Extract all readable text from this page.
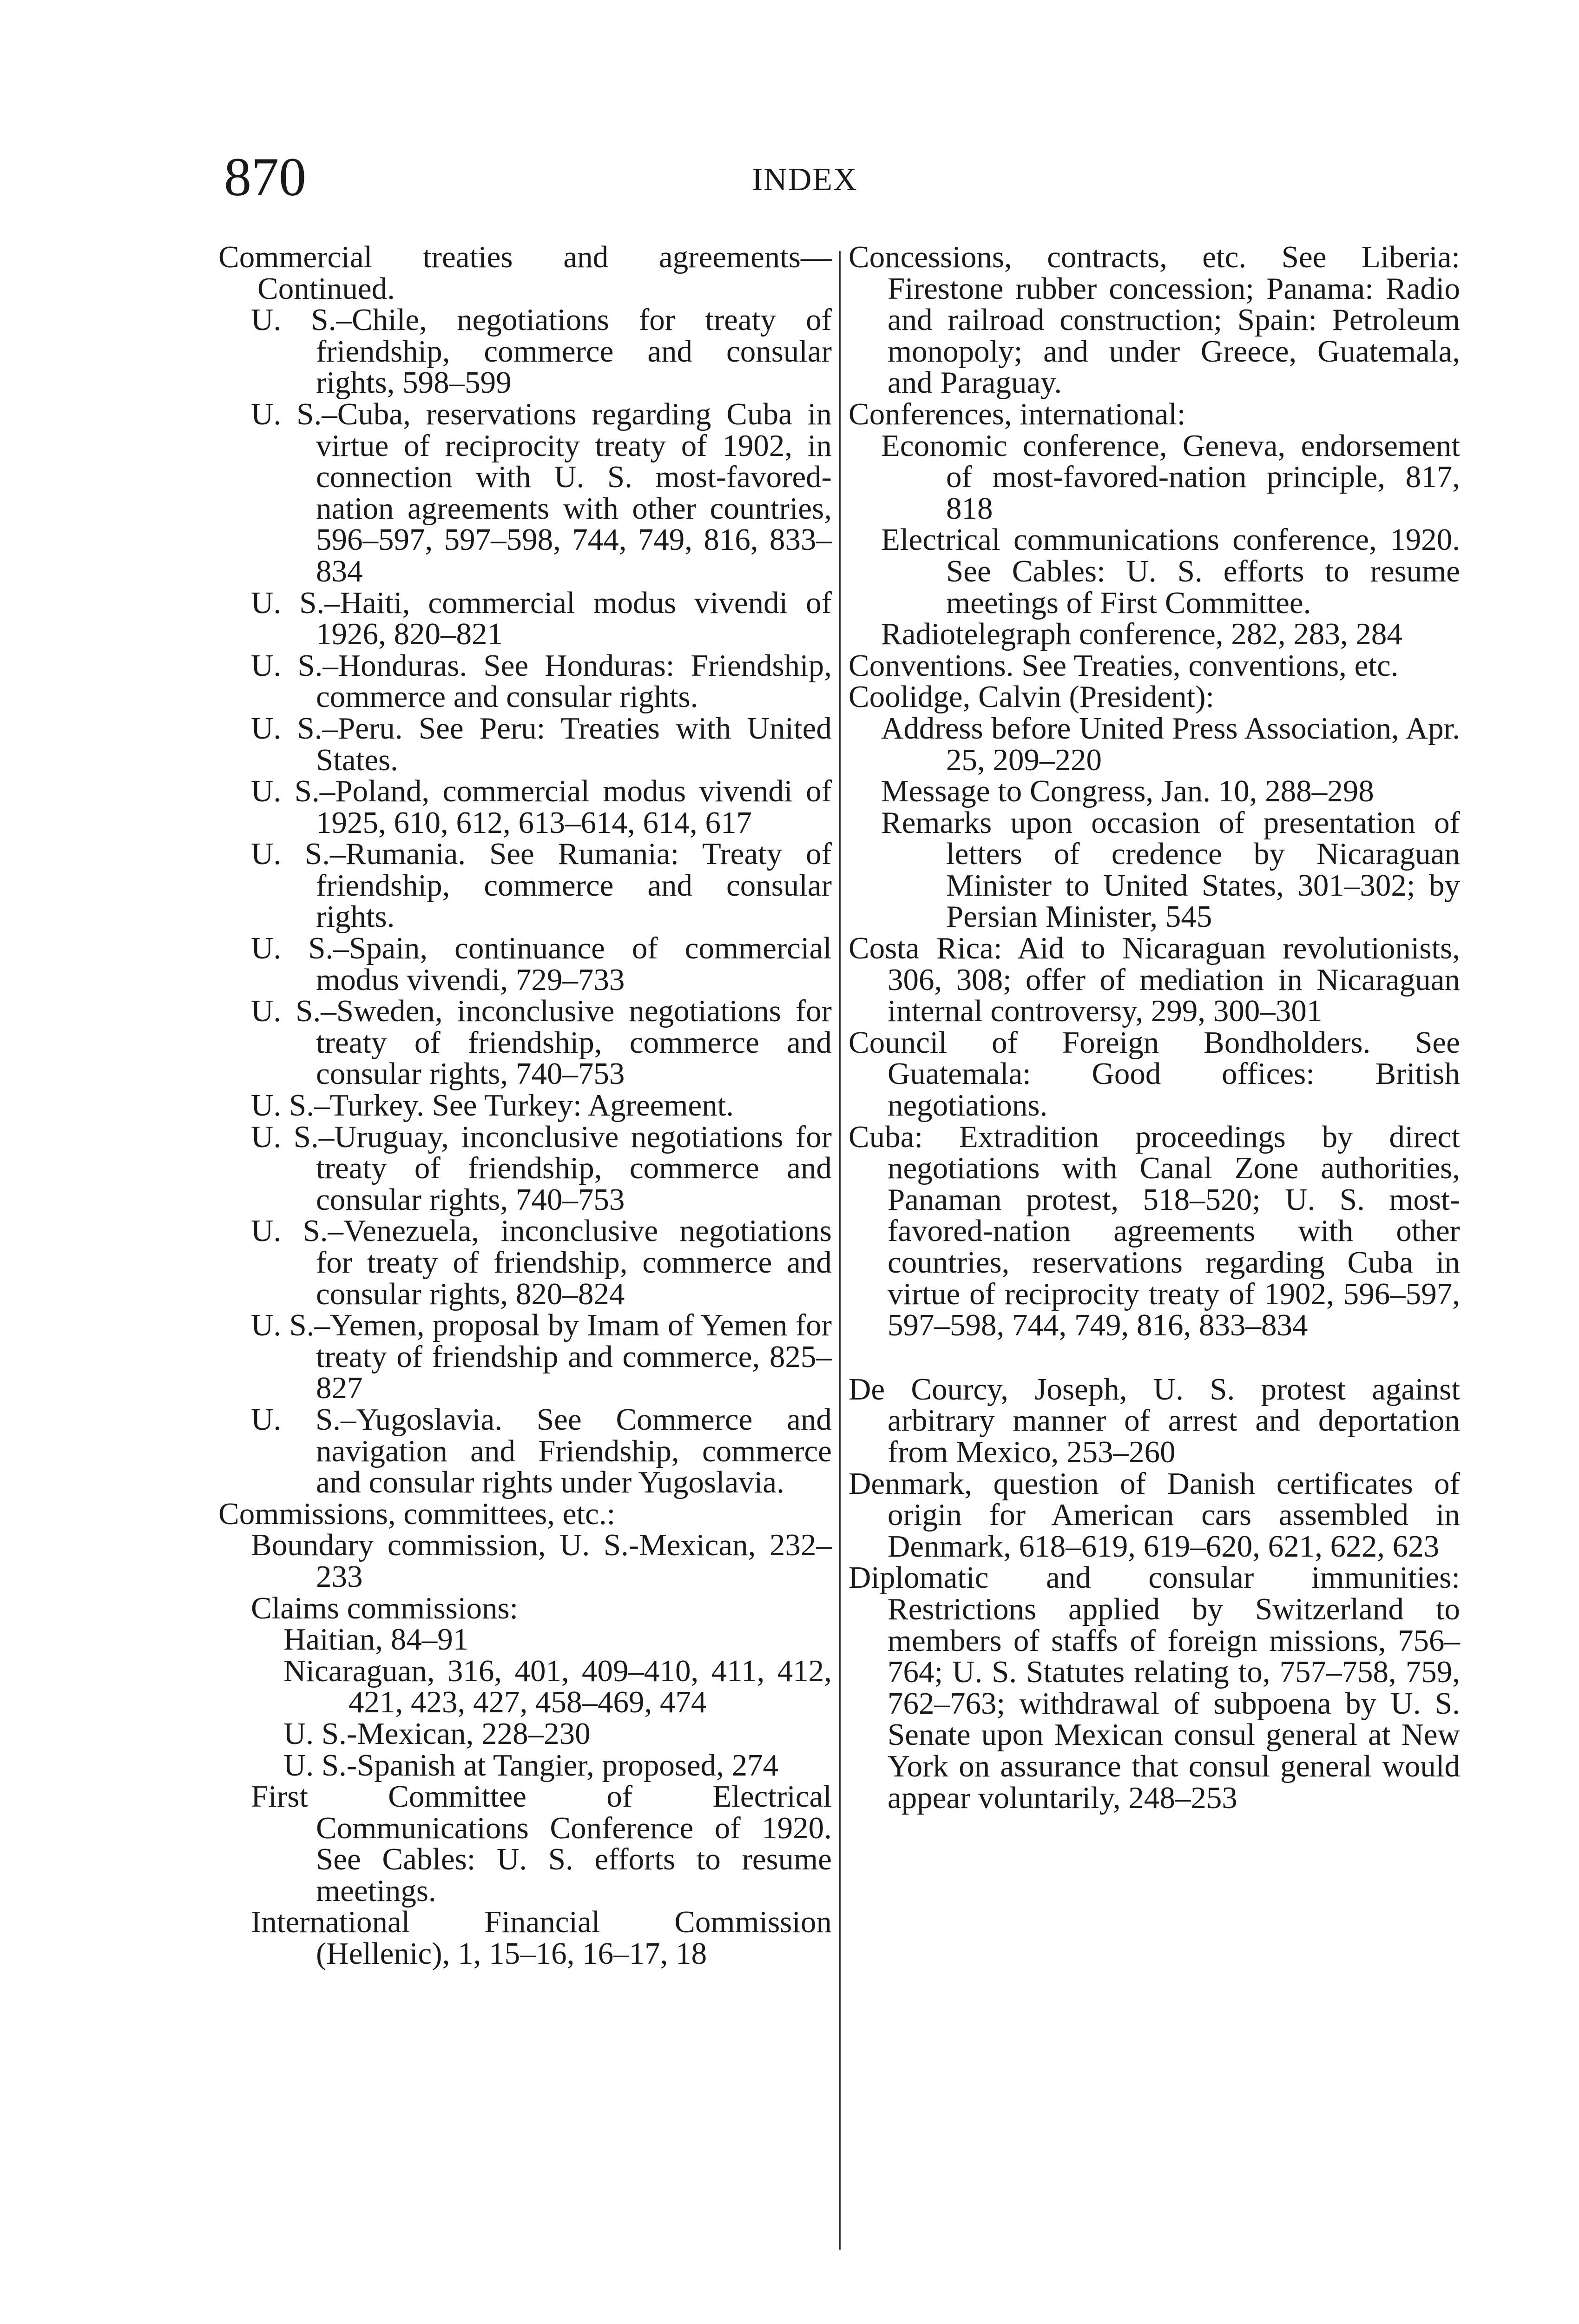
870	INDEX
Commercial treaties and agreements—Continued.
U. S.–Chile, negotiations for treaty of friendship, commerce and consular rights, 598–599
U. S.–Cuba, reservations regarding Cuba in virtue of reciprocity treaty of 1902, in connection with U. S. most-favored-nation agreements with other countries, 596–597, 597–598, 744, 749, 816, 833–834
U. S.–Haiti, commercial modus vivendi of 1926, 820–821
U. S.–Honduras. See Honduras: Friendship, commerce and consular rights.
U. S.–Peru. See Peru: Treaties with United States.
U. S.–Poland, commercial modus vivendi of 1925, 610, 612, 613–614, 614, 617
U. S.–Rumania. See Rumania: Treaty of friendship, commerce and consular rights.
U. S.–Spain, continuance of commercial modus vivendi, 729–733
U. S.–Sweden, inconclusive negotiations for treaty of friendship, commerce and consular rights, 740–753
U. S.–Turkey. See Turkey: Agreement.
U. S.–Uruguay, inconclusive negotiations for treaty of friendship, commerce and consular rights, 740–753
U. S.–Venezuela, inconclusive negotiations for treaty of friendship, commerce and consular rights, 820–824
U. S.–Yemen, proposal by Imam of Yemen for treaty of friendship and commerce, 825–827
U. S.–Yugoslavia. See Commerce and navigation and Friendship, commerce and consular rights under Yugoslavia.
Commissions, committees, etc.:
Boundary commission, U. S.-Mexican, 232–233
Claims commissions:
Haitian, 84–91
Nicaraguan, 316, 401, 409–410, 411, 412, 421, 423, 427, 458–469, 474
U. S.-Mexican, 228–230
U. S.-Spanish at Tangier, proposed, 274
First Committee of Electrical Communications Conference of 1920. See Cables: U. S. efforts to resume meetings.
International Financial Commission (Hellenic), 1, 15–16, 16–17, 18
Concessions, contracts, etc. See Liberia: Firestone rubber concession; Panama: Radio and railroad construction; Spain: Petroleum monopoly; and under Greece, Guatemala, and Paraguay.
Conferences, international:
Economic conference, Geneva, endorsement of most-favored-nation principle, 817, 818
Electrical communications conference, 1920. See Cables: U. S. efforts to resume meetings of First Committee.
Radiotelegraph conference, 282, 283, 284
Conventions. See Treaties, conventions, etc.
Coolidge, Calvin (President):
Address before United Press Association, Apr. 25, 209–220
Message to Congress, Jan. 10, 288–298
Remarks upon occasion of presentation of letters of credence by Nicaraguan Minister to United States, 301–302; by Persian Minister, 545
Costa Rica: Aid to Nicaraguan revolutionists, 306, 308; offer of mediation in Nicaraguan internal controversy, 299, 300–301
Council of Foreign Bondholders. See Guatemala: Good offices: British negotiations.
Cuba: Extradition proceedings by direct negotiations with Canal Zone authorities, Panaman protest, 518–520; U. S. most-favored-nation agreements with other countries, reservations regarding Cuba in virtue of reciprocity treaty of 1902, 596–597, 597–598, 744, 749, 816, 833–834
De Courcy, Joseph, U. S. protest against arbitrary manner of arrest and deportation from Mexico, 253–260
Denmark, question of Danish certificates of origin for American cars assembled in Denmark, 618–619, 619–620, 621, 622, 623
Diplomatic and consular immunities: Restrictions applied by Switzerland to members of staffs of foreign missions, 756–764; U. S. Statutes relating to, 757–758, 759, 762–763; withdrawal of subpoena by U. S. Senate upon Mexican consul general at New York on assurance that consul general would appear voluntarily, 248–253
